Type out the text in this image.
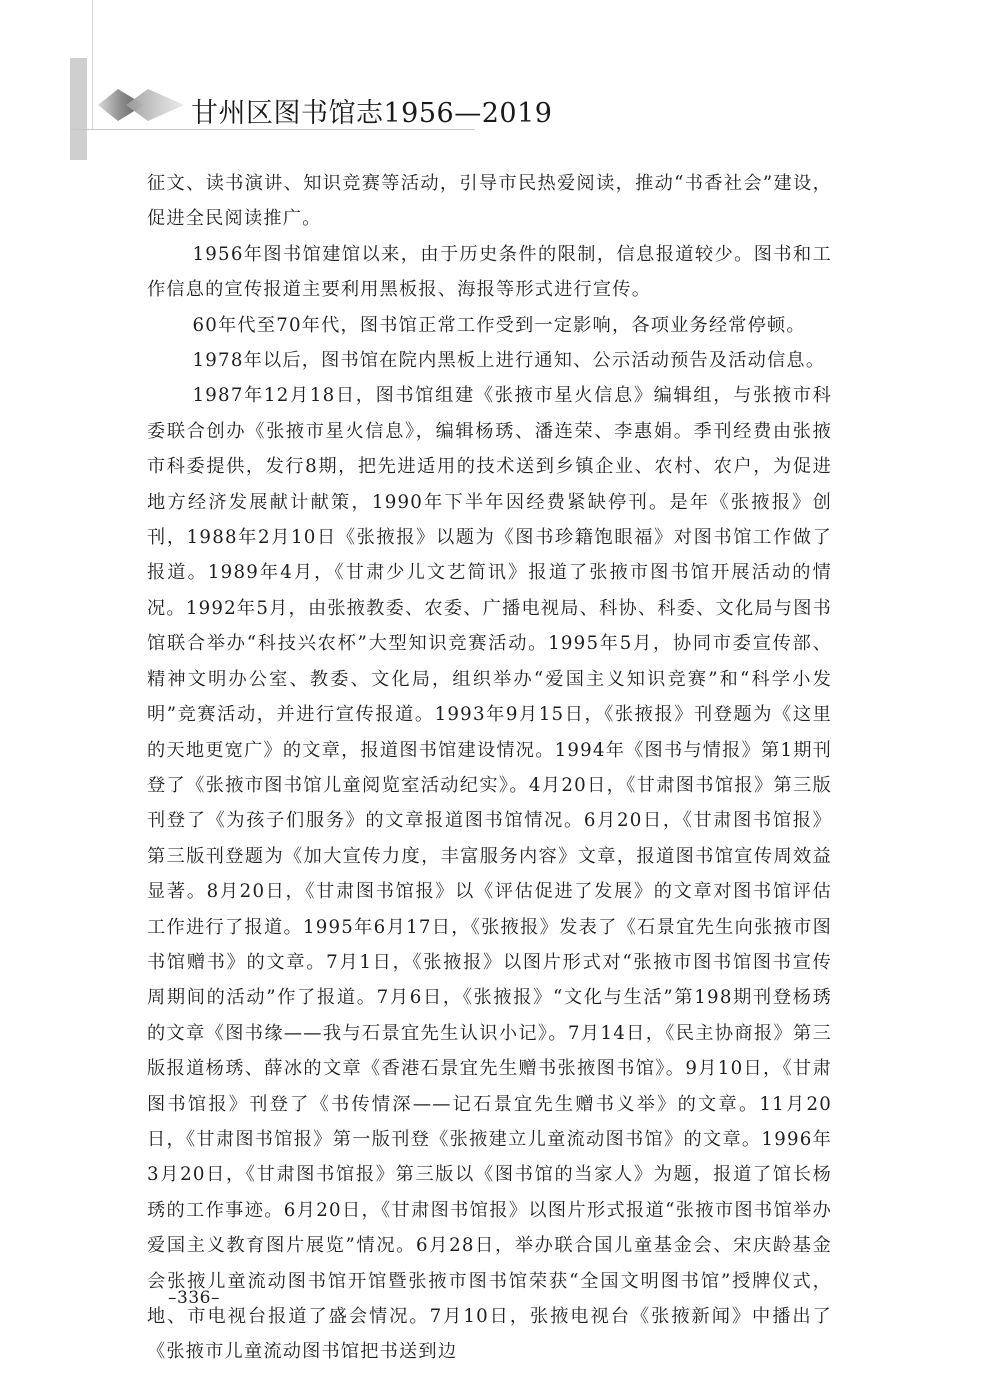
甘州区图书馆志1956—2019

征文、读书演讲、知识竞赛等活动，引导市民热爱阅读，推动“书香社会”建设，促进全民阅读推广。

1956年图书馆建馆以来，由于历史条件的限制，信息报道较少。图书和工作信息的宣传报道主要利用黑板报、海报等形式进行宣传。

60年代至70年代，图书馆正常工作受到一定影响，各项业务经常停顿。

1978年以后，图书馆在院内黑板上进行通知、公示活动预告及活动信息。

1987年12月18日，图书馆组建《张掖市星火信息》编辑组，与张掖市科委联合创办《张掖市星火信息》，编辑杨琇、潘连荣、李惠娟。季刊经费由张掖市科委提供，发行8期，把先进适用的技术送到乡镇企业、农村、农户，为促进地方经济发展献计献策，1990年下半年因经费紧缺停刊。是年《张掖报》创刊，1988年2月10日《张掖报》以题为《图书珍籍饱眼福》对图书馆工作做了报道。1989年4月，《甘肃少儿文艺简讯》报道了张掖市图书馆开展活动的情况。1992年5月，由张掖教委、农委、广播电视局、科协、科委、文化局与图书馆联合举办“科技兴农杯”大型知识竞赛活动。1995年5月，协同市委宣传部、精神文明办公室、教委、文化局，组织举办“爱国主义知识竞赛”和“科学小发明”竞赛活动，并进行宣传报道。1993年9月15日，《张掖报》刊登题为《这里的天地更宽广》的文章，报道图书馆建设情况。1994年《图书与情报》第1期刊登了《张掖市图书馆儿童阅览室活动纪实》。4月20日，《甘肃图书馆报》第三版刊登了《为孩子们服务》的文章报道图书馆情况。6月20日，《甘肃图书馆报》第三版刊登题为《加大宣传力度，丰富服务内容》文章，报道图书馆宣传周效益显著。8月20日，《甘肃图书馆报》以《评估促进了发展》的文章对图书馆评估工作进行了报道。1995年6月17日，《张掖报》发表了《石景宜先生向张掖市图书馆赠书》的文章。7月1日，《张掖报》以图片形式对“张掖市图书馆图书宣传周期间的活动”作了报道。7月6日，《张掖报》“文化与生活”第198期刊登杨琇的文章《图书缘——我与石景宜先生认识小记》。7月14日，《民主协商报》第三版报道杨琇、薛冰的文章《香港石景宜先生赠书张掖图书馆》。9月10日，《甘肃图书馆报》刊登了《书传情深——记石景宜先生赠书义举》的文章。11月20日，《甘肃图书馆报》第一版刊登《张掖建立儿童流动图书馆》的文章。1996年3月20日，《甘肃图书馆报》第三版以《图书馆的当家人》为题，报道了馆长杨琇的工作事迹。6月20日，《甘肃图书馆报》以图片形式报道“张掖市图书馆举办爱国主义教育图片展览”情况。6月28日，举办联合国儿童基金会、宋庆龄基金会张掖儿童流动图书馆开馆暨张掖市图书馆荣获“全国文明图书馆”授牌仪式，地、市电视台报道了盛会情况。7月10日，张掖电视台《张掖新闻》中播出了《张掖市儿童流动图书馆把书送到边

–336–
